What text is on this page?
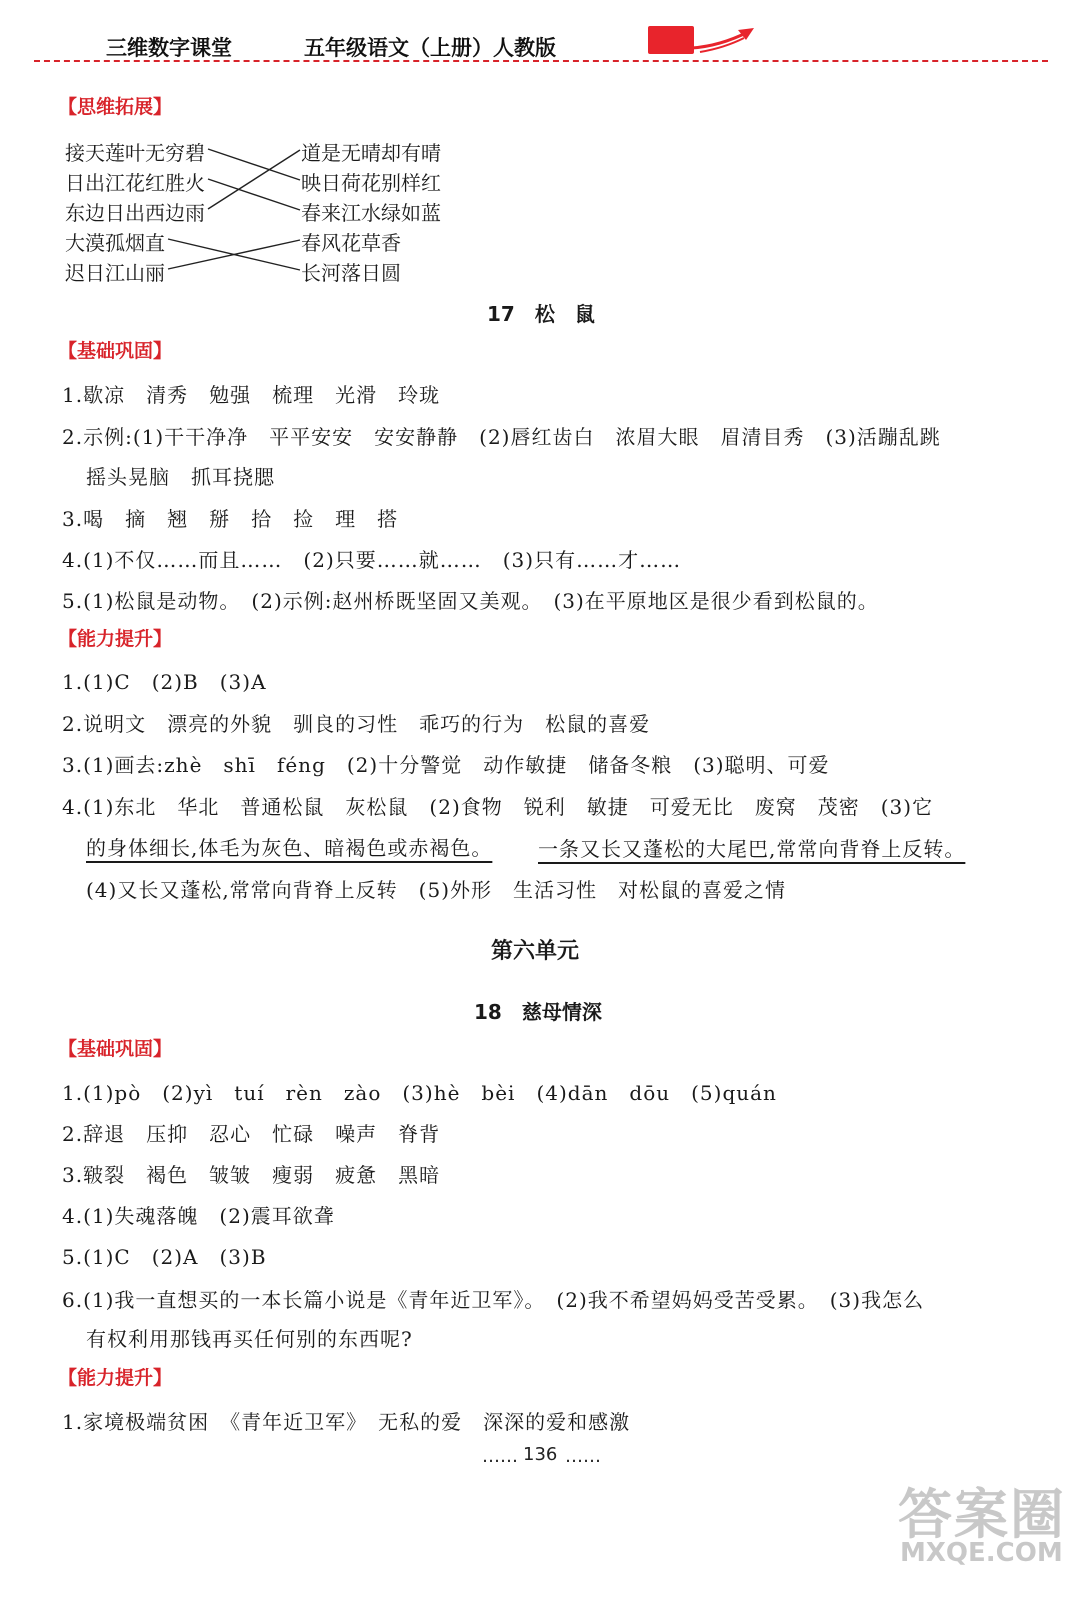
三维数字课堂	五年级语文（上册）人教版
【思维拓展】
接天莲叶无穷碧
日出江花红胜火
东边日出西边雨
大漠孤烟直
迟日江山丽
道是无晴却有晴
映日荷花别样红
春来江水绿如蓝
春风花草香
长河落日圆
17　松　鼠
【基础巩固】
1.歇凉　清秀　勉强　梳理　光滑　玲珑
2.示例:(1)干干净净　平平安安　安安静静　(2)唇红齿白　浓眉大眼　眉清目秀　(3)活蹦乱跳
摇头晃脑　抓耳挠腮
3.喝　摘　翘　掰　拾　捡　理　搭
4.(1)不仅……而且……　(2)只要……就……　(3)只有……才……
5.(1)松鼠是动物。　(2)示例:赵州桥既坚固又美观。　(3)在平原地区是很少看到松鼠的。
【能力提升】
1.(1)C　(2)B　(3)A
2.说明文　漂亮的外貌　驯良的习性　乖巧的行为　松鼠的喜爱
3.(1)画去:zhè　shī　féng　(2)十分警觉　动作敏捷　储备冬粮　(3)聪明、可爱
4.(1)东北　华北　普通松鼠　灰松鼠　(2)食物　锐利　敏捷　可爱无比　废窝　茂密　(3)它
的身体细长,体毛为灰色、暗褐色或赤褐色。 一条又长又蓬松的大尾巴,常常向背脊上反转。
(4)又长又蓬松,常常向背脊上反转　(5)外形　生活习性　对松鼠的喜爱之情
第六单元
18　慈母情深
【基础巩固】
1.(1)pò　(2)yì　tuí　rèn　zào　(3)hè　bèi　(4)dān　dōu　(5)quán
2.辞退　压抑　忍心　忙碌　噪声　脊背
3.皲裂　褐色　皱皱　瘦弱　疲惫　黑暗
4.(1)失魂落魄　(2)震耳欲聋
5.(1)C　(2)A　(3)B
6.(1)我一直想买的一本长篇小说是《青年近卫军》。　(2)我不希望妈妈受苦受累。　(3)我怎么
有权利用那钱再买任何别的东西呢?
【能力提升】
1.家境极端贫困　《青年近卫军》　无私的爱　深深的爱和感激
…… 136 ……
答案圈
MXQE.COM
